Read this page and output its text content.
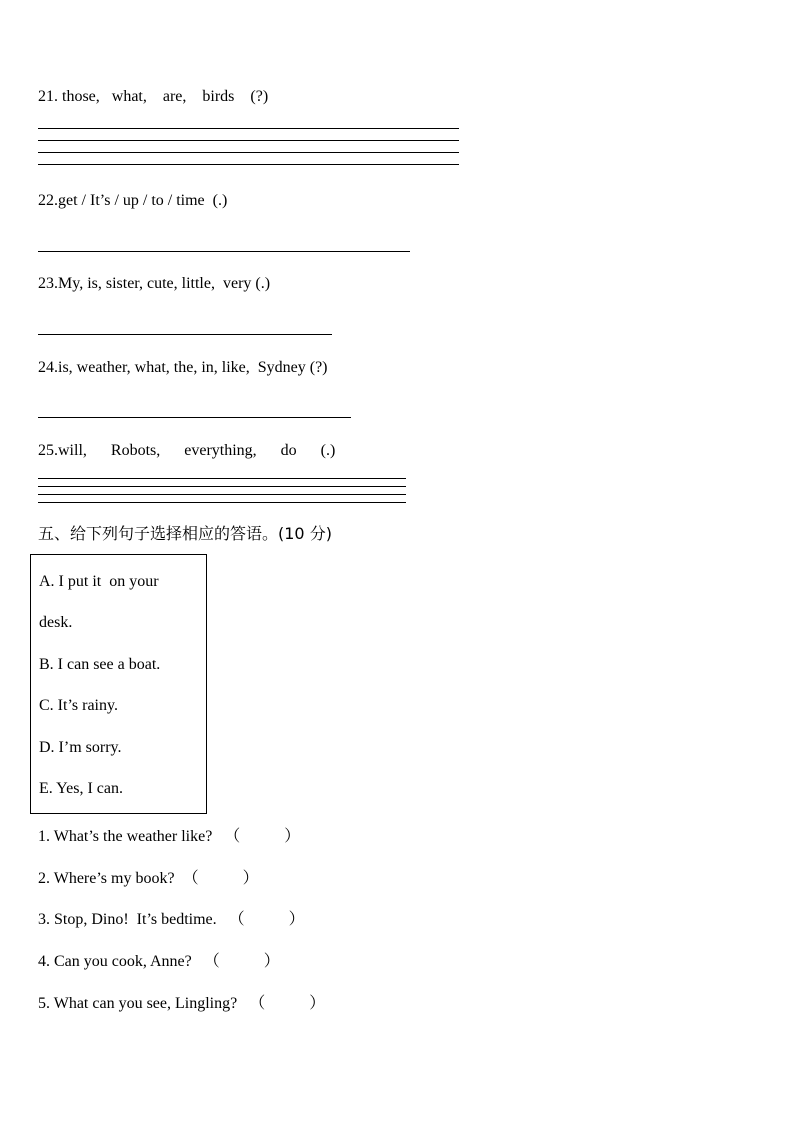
21. those,   what,    are,    birds    (?)
22.get / It’s / up / to / time  (.)
23.My, is, sister, cute, little,  very (.)
24.is, weather, what, the, in, like,  Sydney (?)
25.will,      Robots,      everything,      do      (.)
五、给下列句子选择相应的答语。(10 分)
A. I put it  on your
desk.
B. I can see a boat.
C. It’s rainy.
D. I’m sorry.
E. Yes, I can.
1. What’s the weather like?   （           ）
2. Where’s my book?  （           ）
3. Stop, Dino!  It’s bedtime.   （           ）
4. Can you cook, Anne?   （           ）
5. What can you see, Lingling?   （           ）
